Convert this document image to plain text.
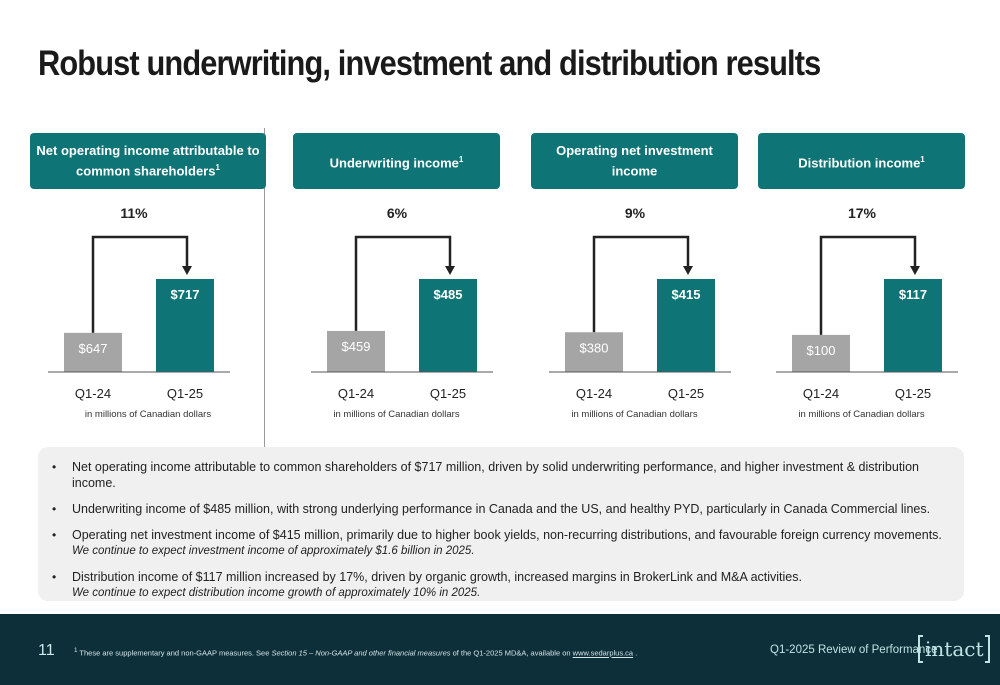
Robust underwriting, investment and distribution results
Net operating income attributable to common shareholders$^1$
11%
$647
Q1-24
$717
Q1-25
in millions of Canadian dollars
Underwriting income$^1$
6%
$459
Q1-24
$485
Q1-25
in millions of Canadian dollars
Operating net investment income
9%
$380
Q1-24
$415
Q1-25
in millions of Canadian dollars
Distribution income$^1$
17%
$100
Q1-24
$117
Q1-25
in millions of Canadian dollars
•	Net operating income attributable to common shareholders of $717 million, driven by solid underwriting performance, and higher investment & distribution income.
•	Underwriting income of $485 million, with strong underlying performance in Canada and the US, and healthy PYD, particularly in Canada Commercial lines.
•	Operating net investment income of $415 million, primarily due to higher book yields, non-recurring distributions, and favourable foreign currency movements.
We continue to expect investment income of approximately $1.6 billion in 2025.
•	Distribution income of $117 million increased by 17%, driven by organic growth, increased margins in BrokerLink and M&A activities.
We continue to expect distribution income growth of approximately 10% in 2025.
11	$^1$ These are supplementary and non-GAAP measures. See Section 15 – Non-GAAP and other financial measures of the Q1-2025 MD&A, available on www.sedarplus.ca .	Q1-2025 Review of Performance
intact
